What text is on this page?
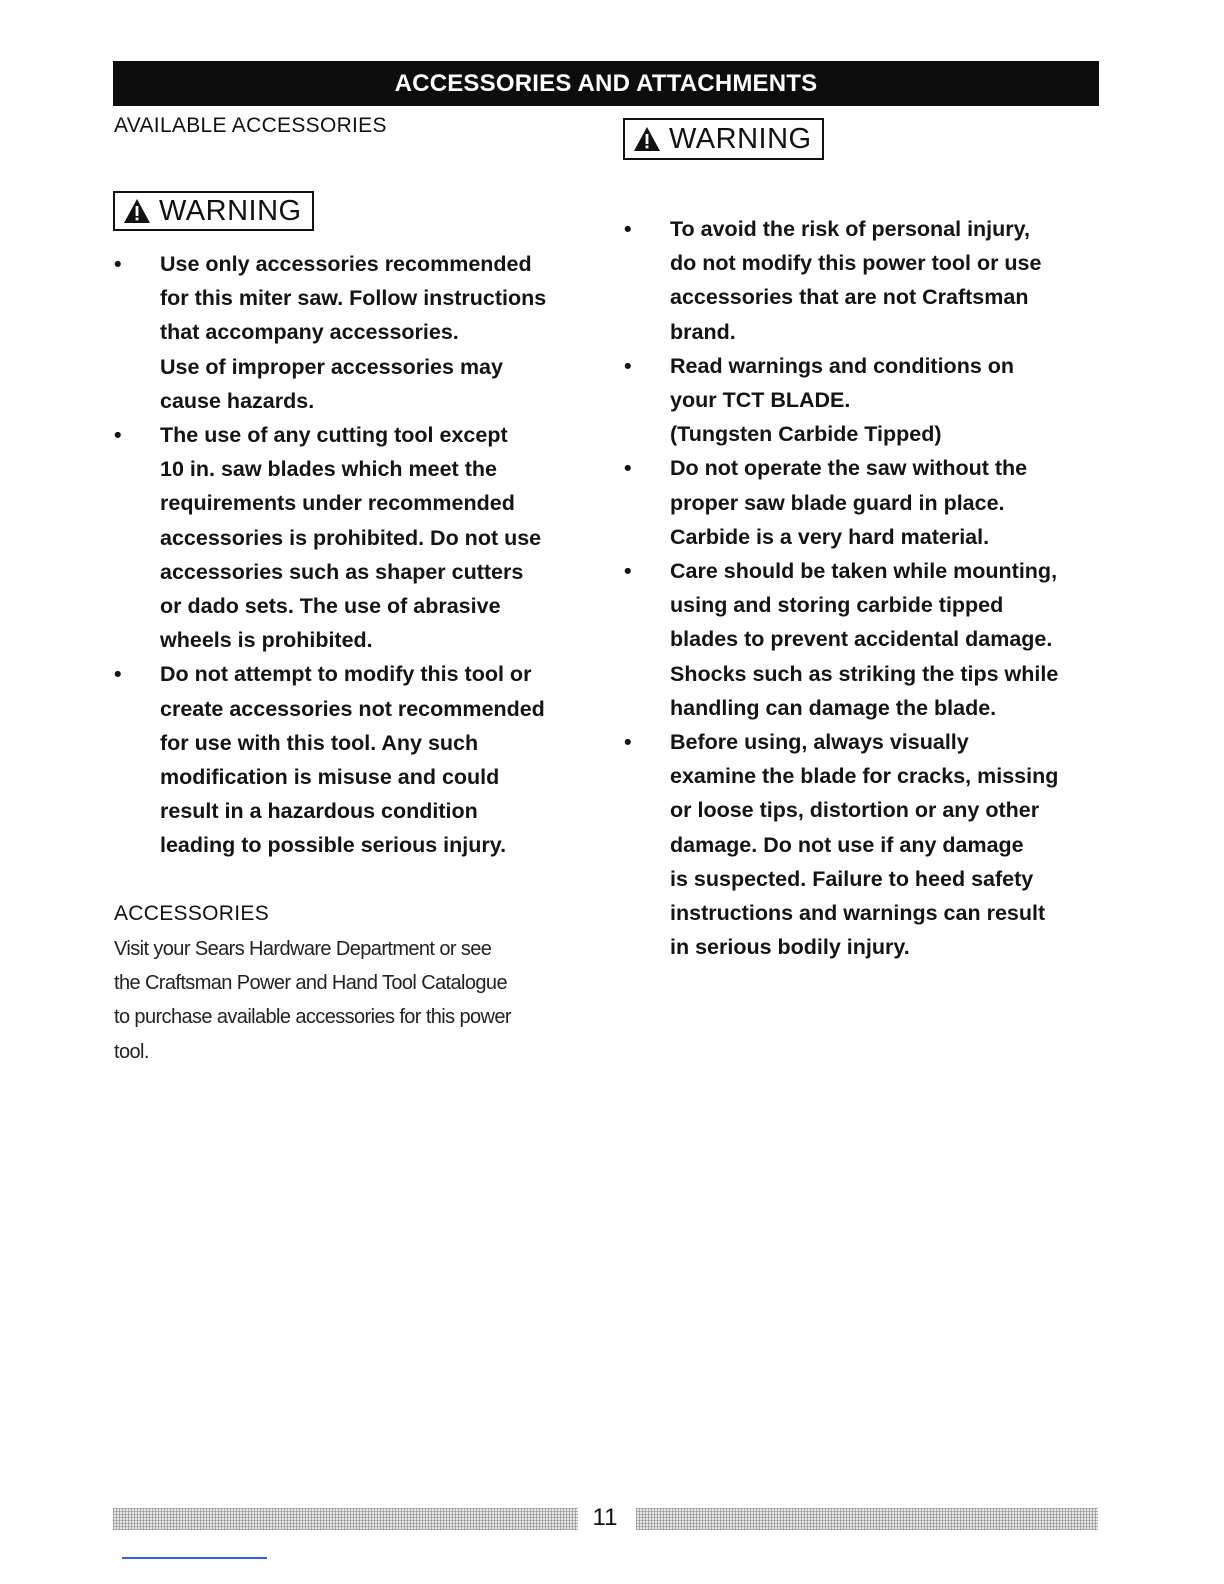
ACCESSORIES AND ATTACHMENTS
AVAILABLE ACCESSORIES
WARNING
WARNING
• Use only accessories recommended
for this miter saw. Follow instructions
that accompany accessories.
Use of improper accessories may
cause hazards.
• The use of any cutting tool except
10 in. saw blades which meet the
requirements under recommended
accessories is prohibited. Do not use
accessories such as shaper cutters
or dado sets. The use of abrasive
wheels is prohibited.
• Do not attempt to modify this tool or
create accessories not recommended
for use with this tool. Any such
modification is misuse and could
result in a hazardous condition
leading to possible serious injury.
ACCESSORIES
Visit your Sears Hardware Department or see
the Craftsman Power and Hand Tool Catalogue
to purchase available accessories for this power
tool.
• To avoid the risk of personal injury,
do not modify this power tool or use
accessories that are not Craftsman
brand.
• Read warnings and conditions on
your TCT BLADE.
(Tungsten Carbide Tipped)
• Do not operate the saw without the
proper saw blade guard in place.
Carbide is a very hard material.
• Care should be taken while mounting,
using and storing carbide tipped
blades to prevent accidental damage.
Shocks such as striking the tips while
handling can damage the blade.
• Before using, always visually
examine the blade for cracks, missing
or loose tips, distortion or any other
damage. Do not use if any damage
is suspected. Failure to heed safety
instructions and warnings can result
in serious bodily injury.
11
